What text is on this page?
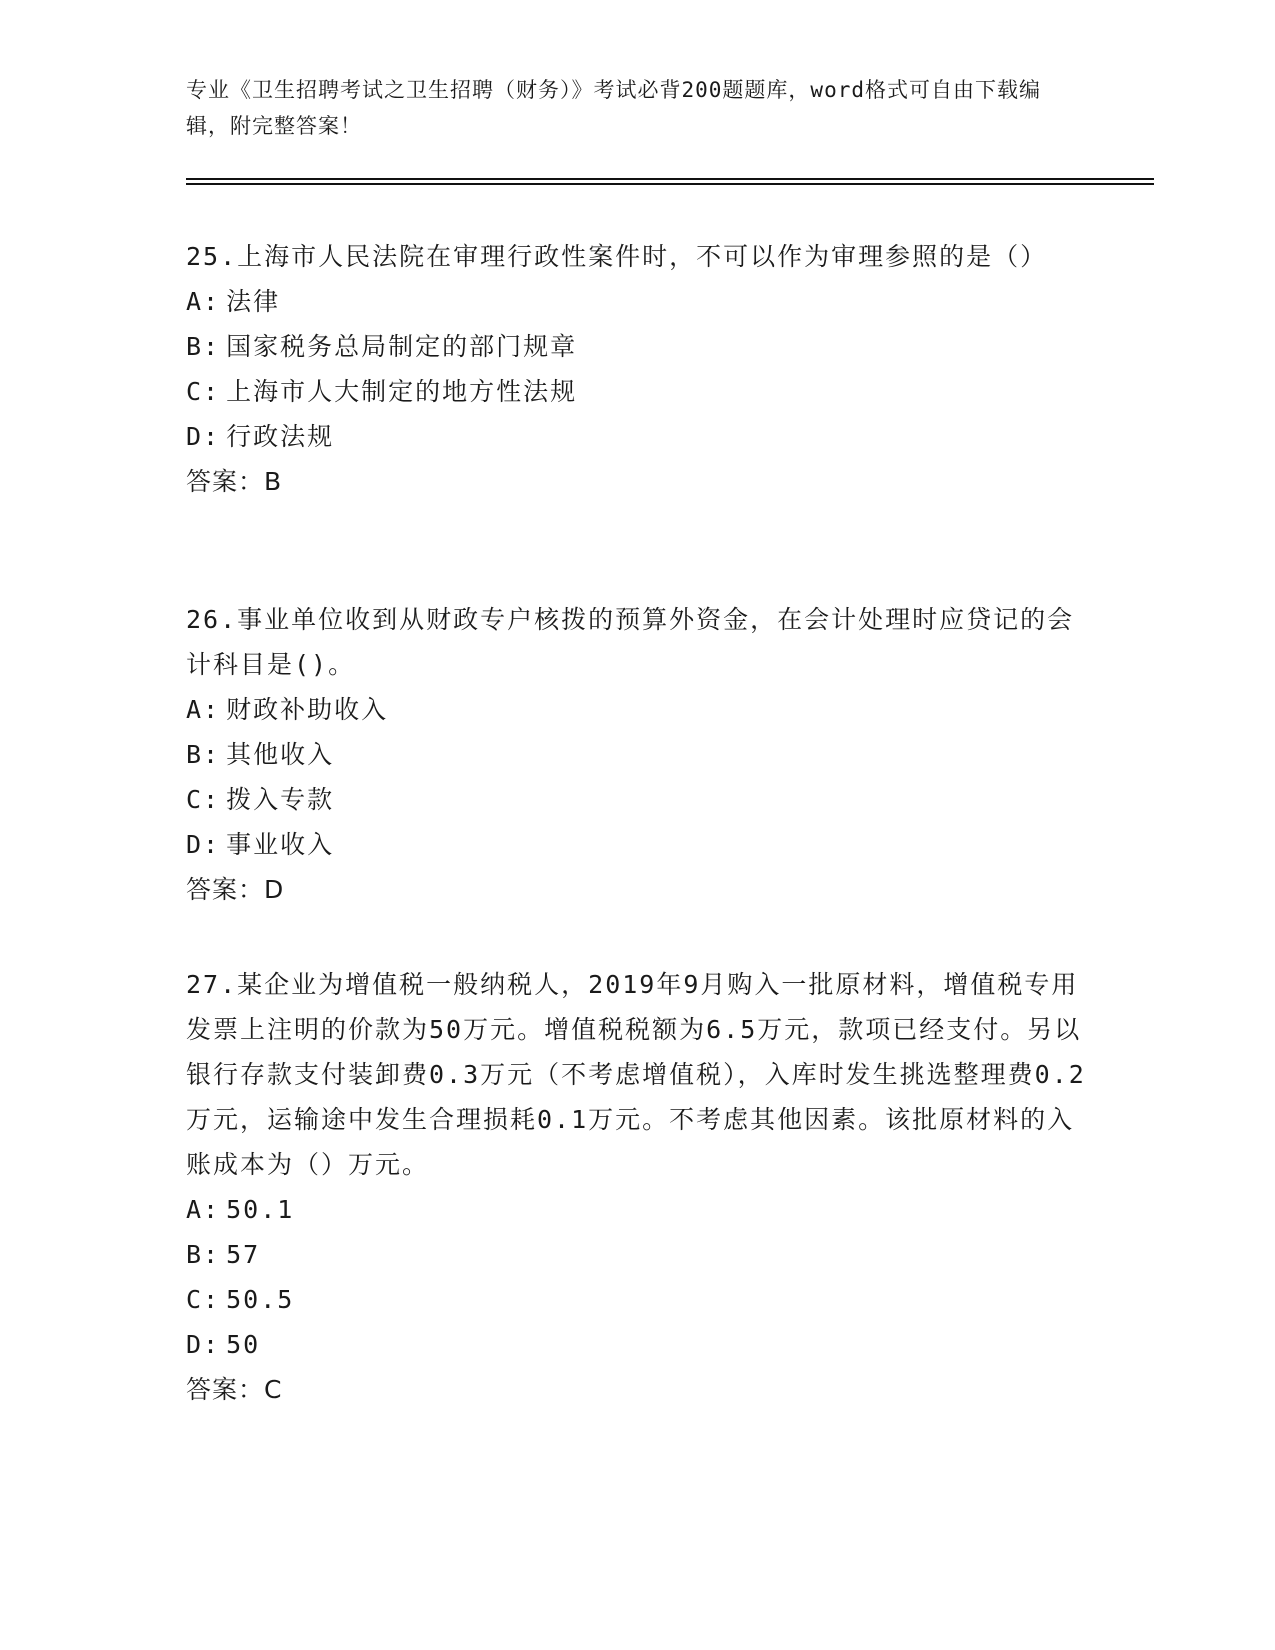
专业《卫生招聘考试之卫生招聘（财务）》考试必背200题题库，word格式可自由下载编辑，附完整答案！
25.上海市人民法院在审理行政性案件时，不可以作为审理参照的是（）
A: 法律
B: 国家税务总局制定的部门规章
C: 上海市人大制定的地方性法规
D: 行政法规
答案：B
26.事业单位收到从财政专户核拨的预算外资金，在会计处理时应贷记的会计科目是()。
A: 财政补助收入
B: 其他收入
C: 拨入专款
D: 事业收入
答案：D
27.某企业为增值税一般纳税人，2019年9月购入一批原材料，增值税专用发票上注明的价款为50万元。增值税税额为6.5万元，款项已经支付。另以银行存款支付装卸费0.3万元（不考虑增值税），入库时发生挑选整理费0.2万元，运输途中发生合理损耗0.1万元。不考虑其他因素。该批原材料的入账成本为（）万元。
A: 50.1
B: 57
C: 50.5
D: 50
答案：C
